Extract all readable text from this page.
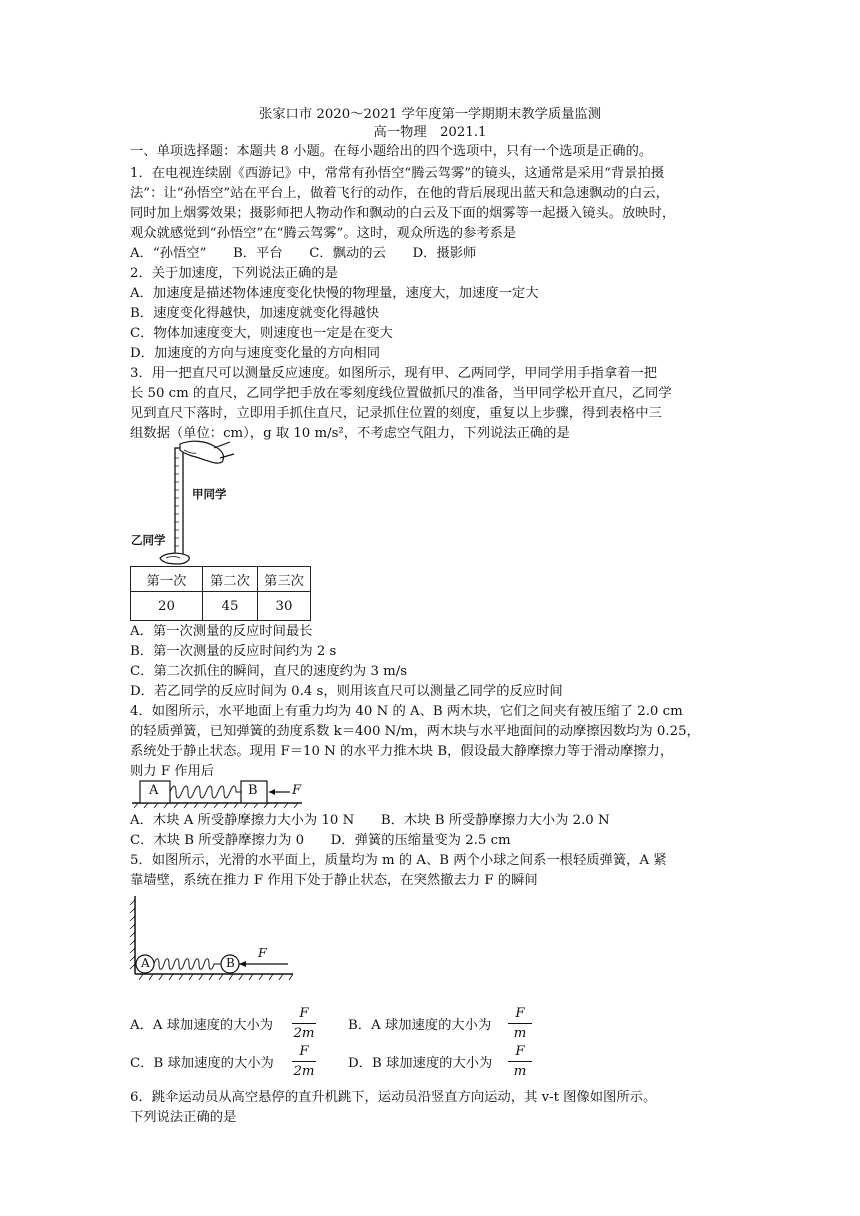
张家口市 2020～2021 学年度第一学期期末教学质量监测
高一物理　2021.1
一、单项选择题：本题共 8 小题。在每小题给出的四个选项中，只有一个选项是正确的。
1．在电视连续剧《西游记》中，常常有孙悟空“腾云驾雾”的镜头，这通常是采用“背景拍摄
法”：让“孙悟空”站在平台上，做着飞行的动作，在他的背后展现出蓝天和急速飘动的白云，
同时加上烟雾效果；摄影师把人物动作和飘动的白云及下面的烟雾等一起摄入镜头。放映时，
观众就感觉到“孙悟空”在“腾云驾雾”。这时，观众所选的参考系是
A．“孙悟空”　　B．平台　　C．飘动的云　　D．摄影师
2．关于加速度，下列说法正确的是
A．加速度是描述物体速度变化快慢的物理量，速度大，加速度一定大
B．速度变化得越快，加速度就变化得越快
C．物体加速度变大，则速度也一定是在变大
D．加速度的方向与速度变化量的方向相同
3．用一把直尺可以测量反应速度。如图所示，现有甲、乙两同学，甲同学用手指拿着一把
长 50 cm 的直尺，乙同学把手放在零刻度线位置做抓尺的准备，当甲同学松开直尺，乙同学
见到直尺下落时，立即用手抓住直尺，记录抓住位置的刻度，重复以上步骤，得到表格中三
组数据（单位：cm），g 取 10 m/s²，不考虑空气阻力，下列说法正确的是
甲同学
乙同学
第一次	第二次	第三次
20	45	30
A．第一次测量的反应时间最长
B．第一次测量的反应时间约为 2 s
C．第二次抓住的瞬间，直尺的速度约为 3 m/s
D．若乙同学的反应时间为 0.4 s，则用该直尺可以测量乙同学的反应时间
4．如图所示，水平地面上有重力均为 40 N 的 A、B 两木块，它们之间夹有被压缩了 2.0 cm
的轻质弹簧，已知弹簧的劲度系数 k＝400 N/m，两木块与水平地面间的动摩擦因数均为 0.25，
系统处于静止状态。现用 F＝10 N 的水平力推木块 B，假设最大静摩擦力等于滑动摩擦力，
则力 F 作用后
A	B	F
A．木块 A 所受静摩擦力大小为 10 N　　B．木块 B 所受静摩擦力大小为 2.0 N
C．木块 B 所受静摩擦力为 0　　D．弹簧的压缩量变为 2.5 cm
5．如图所示，光滑的水平面上，质量均为 m 的 A、B 两个小球之间系一根轻质弹簧，A 紧
靠墙壁，系统在推力 F 作用下处于静止状态，在突然撤去力 F 的瞬间
A	B
F
A．A 球加速度的大小为
F
2m
B．A 球加速度的大小为
F
m
C．B 球加速度的大小为
F
2m
D．B 球加速度的大小为
F
m
6．跳伞运动员从高空悬停的直升机跳下，运动员沿竖直方向运动，其 v-t 图像如图所示。
下列说法正确的是
